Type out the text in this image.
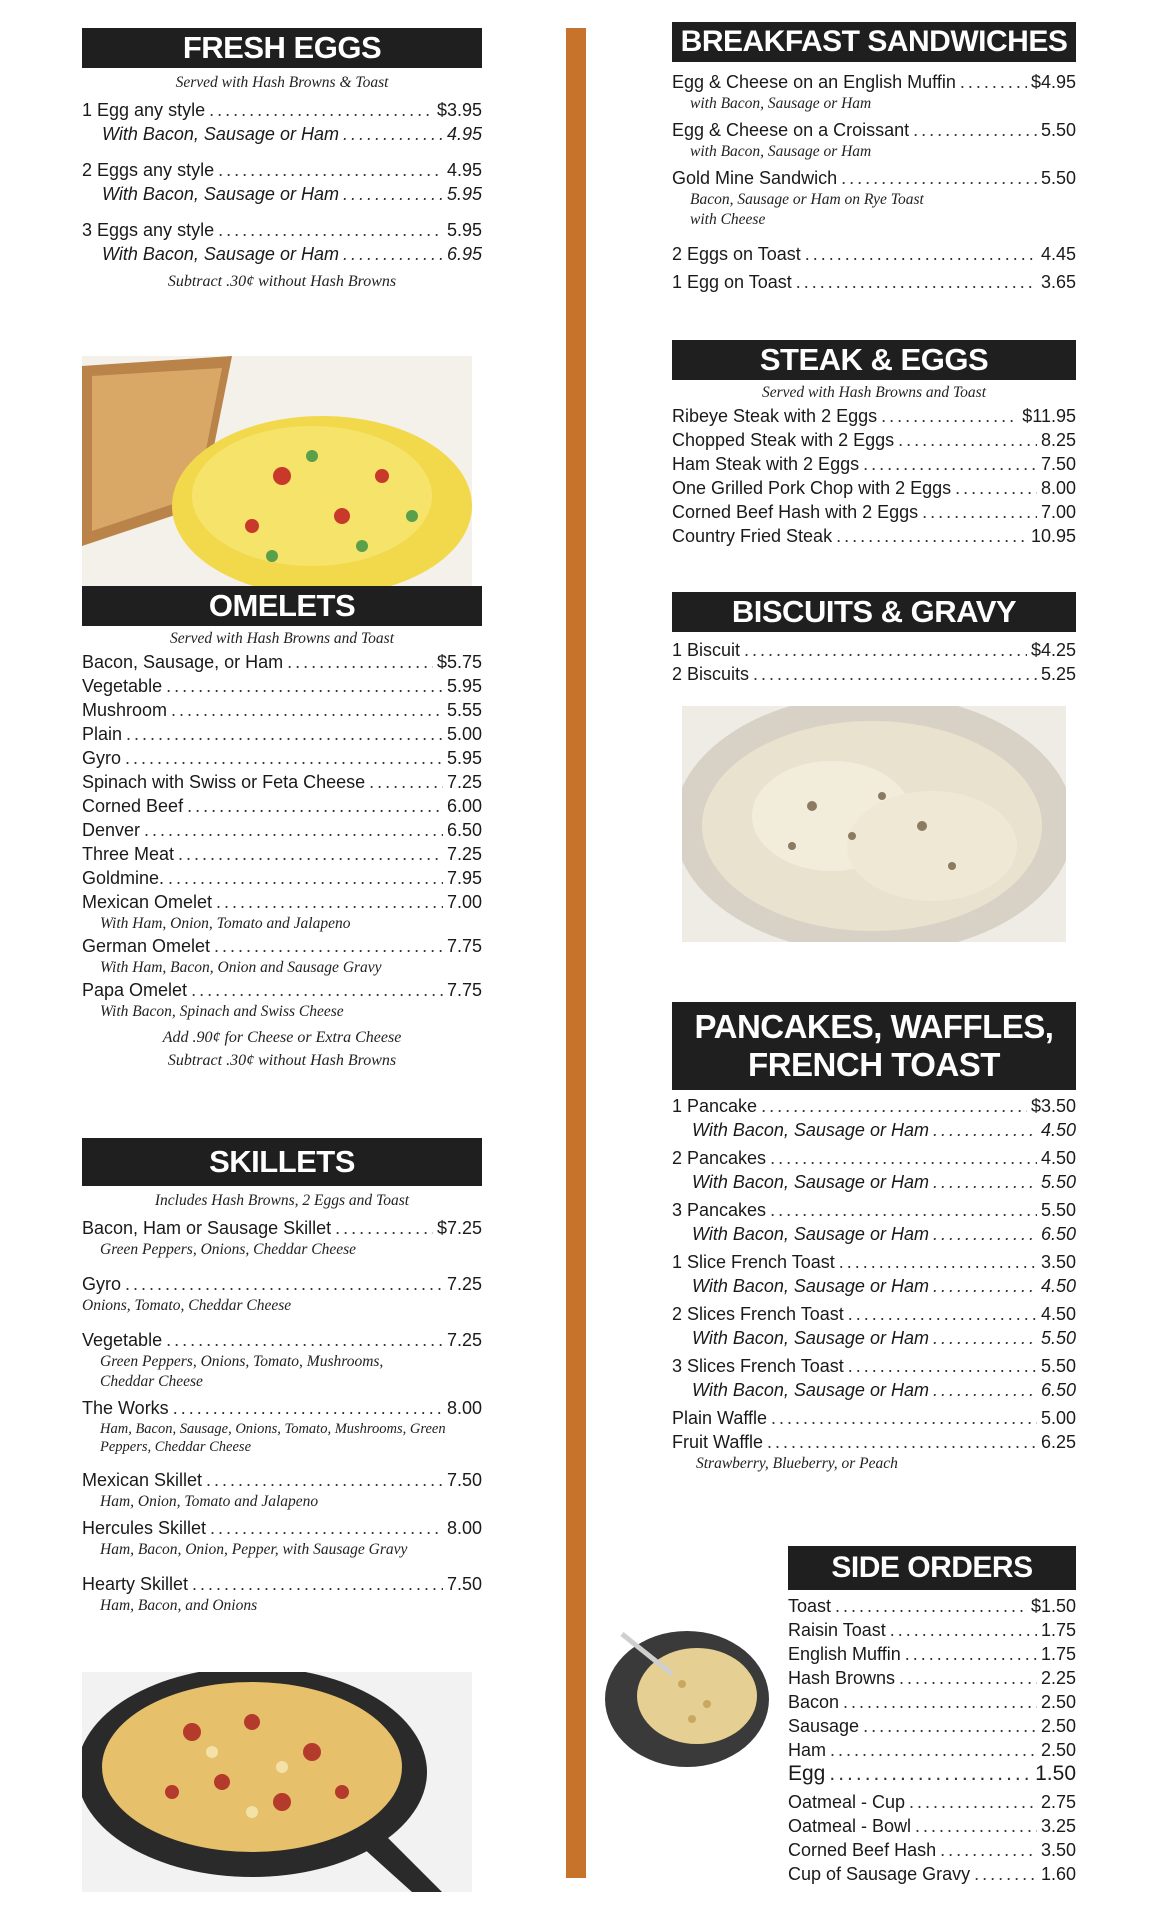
FRESH EGGS
Served with Hash Browns & Toast
1 Egg any style .....	$3.95
With Bacon, Sausage or Ham .....	4.95
2 Eggs any style .....	4.95
With Bacon, Sausage or Ham .....	5.95
3 Eggs any style .....	5.95
With Bacon, Sausage or Ham .....	6.95
Subtract .30¢ without Hash Browns
OMELETS
Served with Hash Browns and Toast
Bacon, Sausage, or Ham .....	$5.75
Vegetable .....	5.95
Mushroom .....	5.55
Plain .....	5.00
Gyro .....	5.95
Spinach with Swiss or Feta Cheese .....	7.25
Corned Beef .....	6.00
Denver .....	6.50
Three Meat .....	7.25
Goldmine. .....	7.95
Mexican Omelet .....	7.00
With Ham, Onion, Tomato and Jalapeno
German Omelet .....	7.75
With Ham, Bacon, Onion and Sausage Gravy
Papa Omelet .....	7.75
With Bacon, Spinach and Swiss Cheese
Add .90¢ for Cheese or Extra Cheese
Subtract .30¢ without Hash Browns
SKILLETS
Includes Hash Browns, 2 Eggs and Toast
Bacon, Ham or Sausage Skillet .....	$7.25
Green Peppers, Onions, Cheddar Cheese
Gyro .....	7.25
Onions, Tomato, Cheddar Cheese
Vegetable .....	7.25
Green Peppers, Onions, Tomato, Mushrooms, Cheddar Cheese
The Works .....	8.00
Ham, Bacon, Sausage, Onions, Tomato, Mushrooms, Green Peppers, Cheddar Cheese
Mexican Skillet .....	7.50
Ham, Onion, Tomato and Jalapeno
Hercules Skillet .....	8.00
Ham, Bacon, Onion, Pepper, with Sausage Gravy
Hearty Skillet .....	7.50
Ham, Bacon, and Onions
BREAKFAST SANDWICHES
Egg & Cheese on an English Muffin .....	$4.95
with Bacon, Sausage or Ham
Egg & Cheese on a Croissant .....	5.50
with Bacon, Sausage or Ham
Gold Mine Sandwich .....	5.50
Bacon, Sausage or Ham on Rye Toast with Cheese
2 Eggs on Toast .....	4.45
1 Egg on Toast .....	3.65
STEAK & EGGS
Served with Hash Browns and Toast
Ribeye Steak with 2 Eggs .....	$11.95
Chopped Steak with 2 Eggs .....	8.25
Ham Steak with 2 Eggs .....	7.50
One Grilled Pork Chop with 2 Eggs .....	8.00
Corned Beef Hash with 2 Eggs .....	7.00
Country Fried Steak .....	10.95
BISCUITS & GRAVY
1 Biscuit .....	$4.25
2 Biscuits .....	5.25
PANCAKES, WAFFLES,
FRENCH TOAST
1 Pancake .....	$3.50
With Bacon, Sausage or Ham .....	4.50
2 Pancakes .....	4.50
With Bacon, Sausage or Ham .....	5.50
3 Pancakes .....	5.50
With Bacon, Sausage or Ham .....	6.50
1 Slice French Toast .....	3.50
With Bacon, Sausage or Ham .....	4.50
2 Slices French Toast .....	4.50
With Bacon, Sausage or Ham .....	5.50
3 Slices French Toast .....	5.50
With Bacon, Sausage or Ham .....	6.50
Plain Waffle .....	5.00
Fruit Waffle .....	6.25
Strawberry, Blueberry, or Peach
SIDE ORDERS
Toast .....	$1.50
Raisin Toast .....	1.75
English Muffin .....	1.75
Hash Browns .....	2.25
Bacon .....	2.50
Sausage .....	2.50
Ham .....	2.50
Egg .....	1.50
Oatmeal - Cup .....	2.75
Oatmeal - Bowl .....	3.25
Corned Beef Hash .....	3.50
Cup of Sausage Gravy .....	1.60
